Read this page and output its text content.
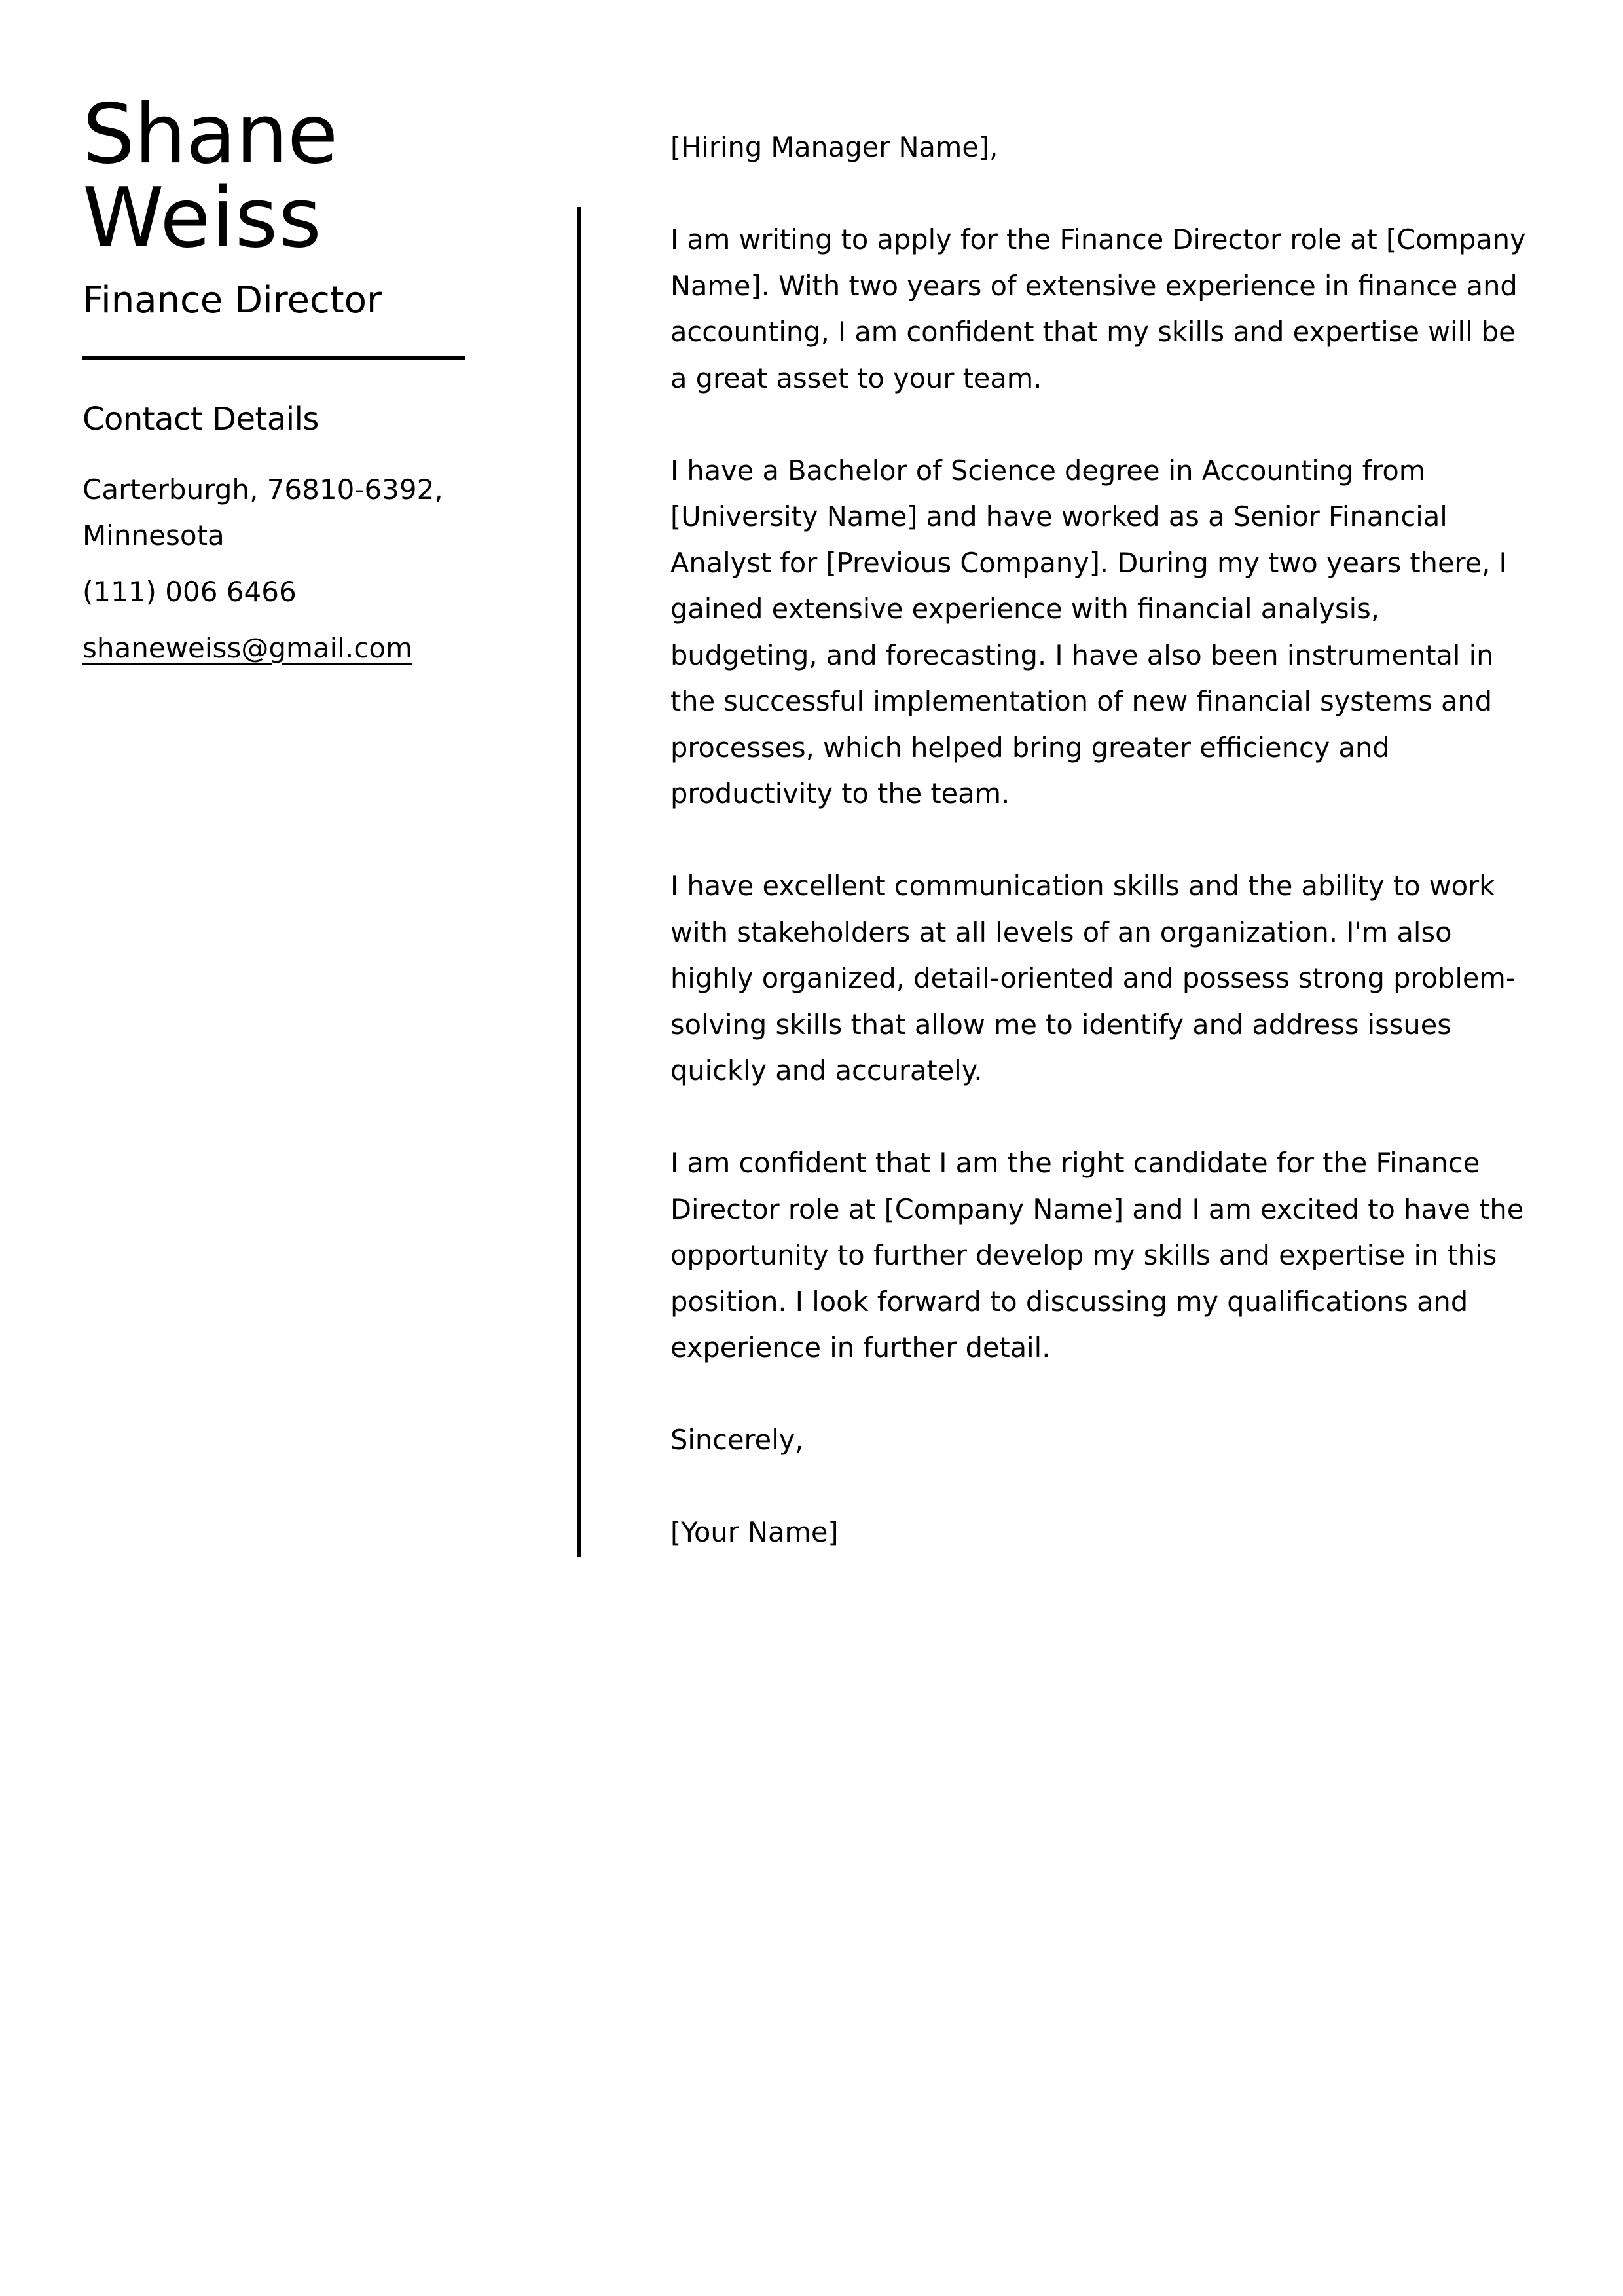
Shane
Weiss
Finance Director
Contact Details
Carterburgh, 76810-6392, Minnesota
(111) 006 6466
shaneweiss@gmail.com

[Hiring Manager Name],

I am writing to apply for the Finance Director role at [Company Name]. With two years of extensive experience in finance and accounting, I am confident that my skills and expertise will be a great asset to your team.

I have a Bachelor of Science degree in Accounting from [University Name] and have worked as a Senior Financial Analyst for [Previous Company]. During my two years there, I gained extensive experience with financial analysis, budgeting, and forecasting. I have also been instrumental in the successful implementation of new financial systems and processes, which helped bring greater efficiency and productivity to the team.

I have excellent communication skills and the ability to work with stakeholders at all levels of an organization. I'm also highly organized, detail-oriented and possess strong problem-solving skills that allow me to identify and address issues quickly and accurately.

I am confident that I am the right candidate for the Finance Director role at [Company Name] and I am excited to have the opportunity to further develop my skills and expertise in this position. I look forward to discussing my qualifications and experience in further detail.

Sincerely,

[Your Name]
